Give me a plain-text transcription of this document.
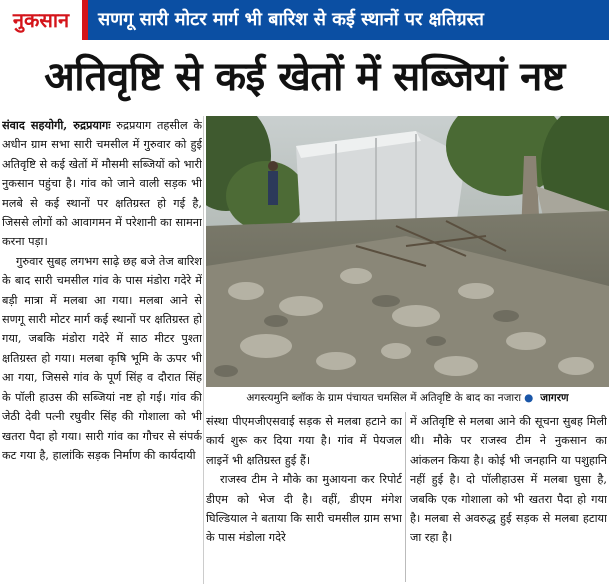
नुकसान	सणगू सारी मोटर मार्ग भी बारिश से कई स्थानों पर क्षतिग्रस्त
अतिवृष्टि से कई खेतों में सब्जियां नष्ट

संवाद सहयोगी, रुद्रप्रयागः रुद्रप्रयाग तहसील के अधीन ग्राम सभा सारी चमसील में गुरुवार को हुई अतिवृष्टि से कई खेतों में मौसमी सब्जियों को भारी नुकसान पहुंचा है। गांव को जाने वाली सड़क भी मलबे से कई स्थानों पर क्षतिग्रस्त हो गई है, जिससे लोगों को आवागमन में परेशानी का सामना करना पड़ा।

गुरुवार सुबह लगभग साढ़े छह बजे तेज बारिश के बाद सारी चमसील गांव के पास मंडोरा गदेरे में बड़ी मात्रा में मलबा आ गया। मलबा आने से सणगू सारी मोटर मार्ग कई स्थानों पर क्षतिग्रस्त हो गया, जबकि मंडोरा गदेरे में साठ मीटर पुश्ता क्षतिग्रस्त हो गया। मलबा कृषि भूमि के ऊपर भी आ गया, जिससे गांव के पूर्ण सिंह व दौरात सिंह के पॉली हाउस की सब्जियां नष्ट हो गई। गांव की जेठी देवी पत्नी रघुवीर सिंह की गोशाला को भी खतरा पैदा हो गया। सारी गांव का गौचर से संपर्क कट गया है, हालांकि सड़क निर्माण की कार्यदायी

अगस्त्यमुनि ब्लॉक के ग्राम पंचायत चमसिल में अतिवृष्टि के बाद का नजारा ● जागरण

संस्था पीएमजीएसवाई सड़क से मलबा हटाने का कार्य शुरू कर दिया गया है। गांव में पेयजल लाइनें भी क्षतिग्रस्त हुई हैं।

राजस्व टीम ने मौके का मुआयना कर रिपोर्ट डीएम को भेज दी है। वहीं, डीएम मंगेश घिल्डियाल ने बताया कि सारी चमसील ग्राम सभा के पास मंडोला गदेरे

में अतिवृष्टि से मलबा आने की सूचना सुबह मिली थी। मौके पर राजस्व टीम ने नुकसान का आंकलन किया है। कोई भी जनहानि या पशुहानि नहीं हुई है। दो पॉलीहाउस में मलबा घुसा है, जबकि एक गोशाला को भी खतरा पैदा हो गया है। मलबा से अवरुद्ध हुई सड़क से मलबा हटाया जा रहा है।
